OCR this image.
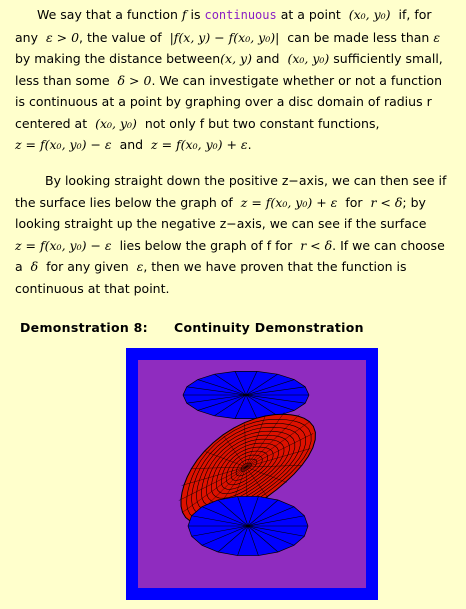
We say that a function f is continuous at a point (x₀, y₀) if, for any ε > 0, the value of |f(x, y) − f(x₀, y₀)| can be made less than ε by making the distance between(x, y) and (x₀, y₀) sufficiently small, less than some δ > 0. We can investigate whether or not a function is continuous at a point by graphing over a disc domain of radius r centered at (x₀, y₀) not only f but two constant functions,  z = f(x₀, y₀) − ε and z = f(x₀, y₀) + ε.
By looking straight down the positive z−axis, we can then see if the surface lies below the graph of z = f(x₀, y₀) + ε for r < δ; by looking straight up the negative z−axis, we can see if the surface z = f(x₀, y₀) − ε lies below the graph of f for r < δ. If we can choose a δ for any given ε, then we have proven that the function is continuous at that point.
Demonstration 8: Continuity Demonstration
